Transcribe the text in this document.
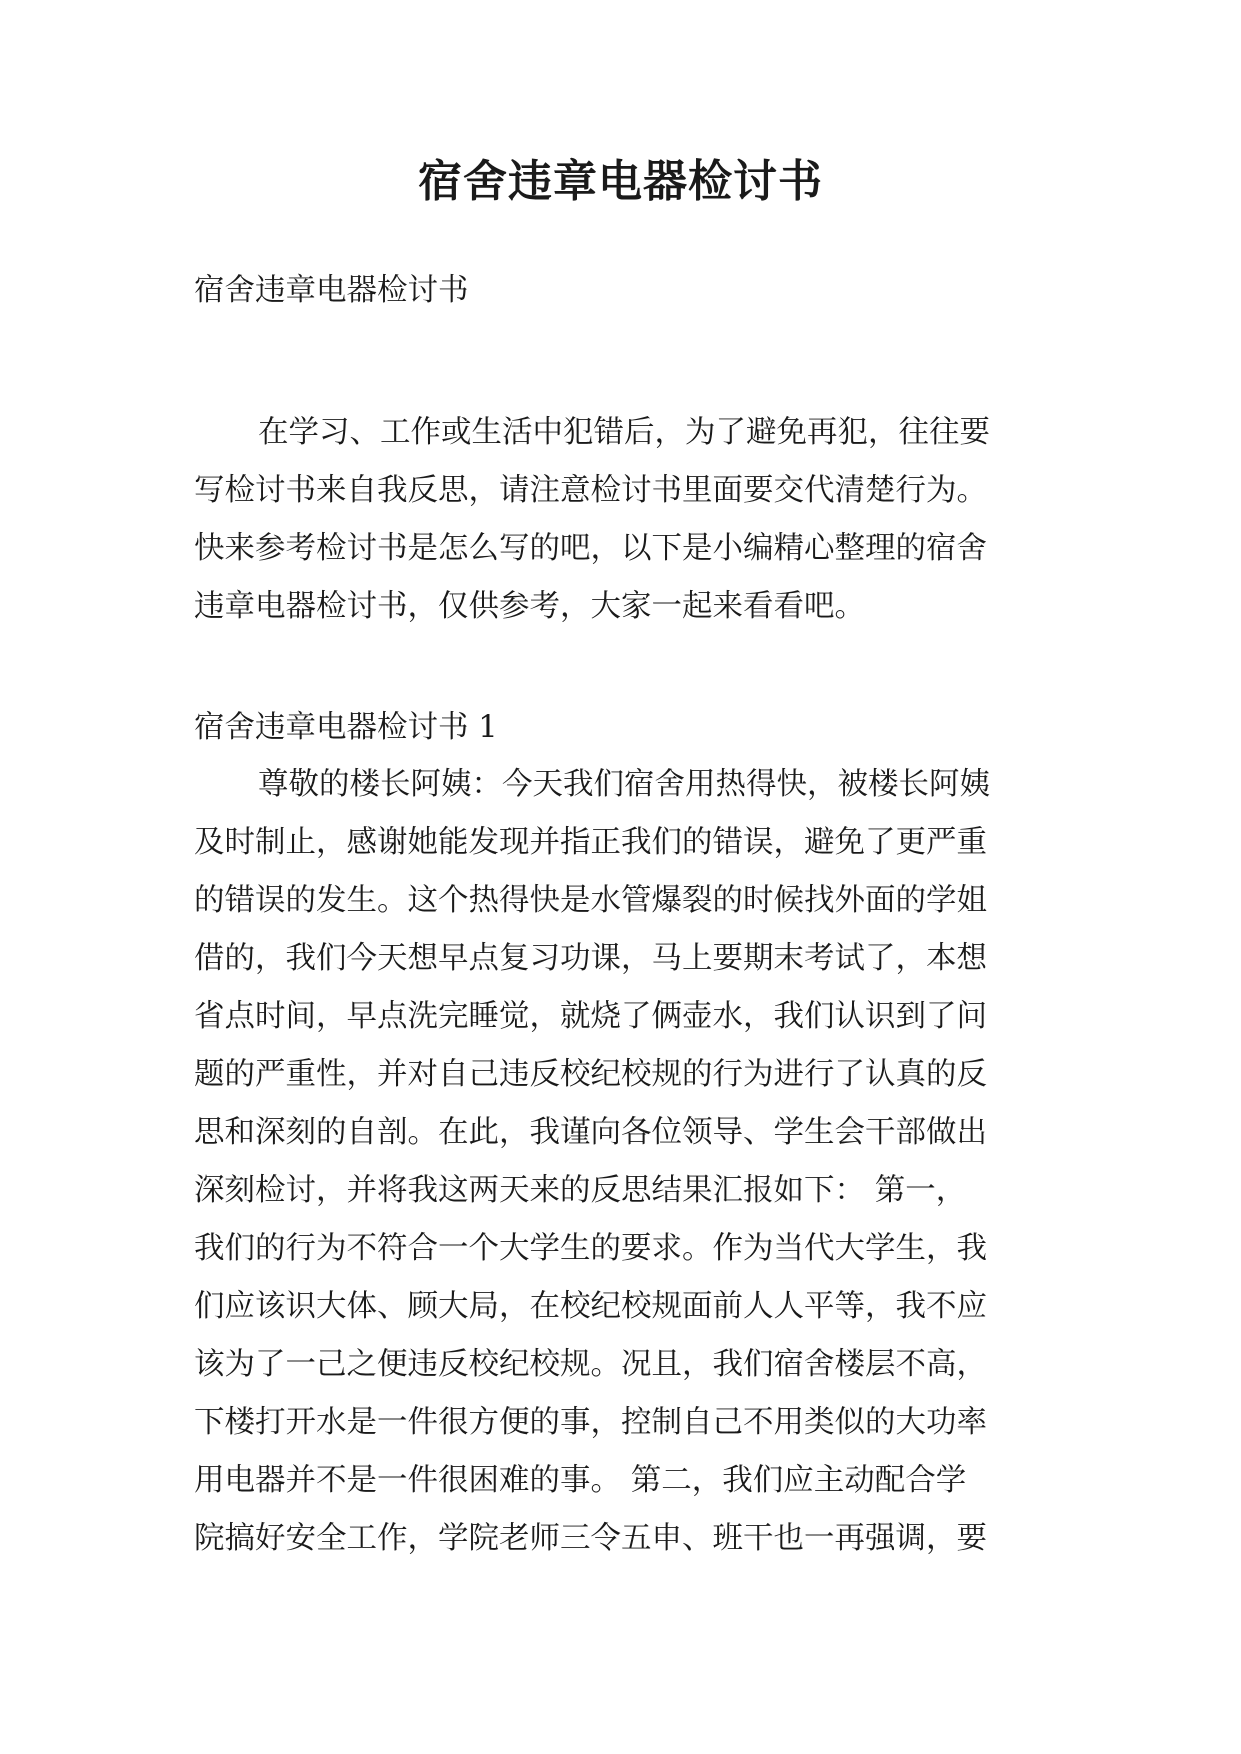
宿舍违章电器检讨书
宿舍违章电器检讨书
在学习、工作或生活中犯错后，为了避免再犯，往往要
写检讨书来自我反思，请注意检讨书里面要交代清楚行为。
快来参考检讨书是怎么写的吧，以下是小编精心整理的宿舍
违章电器检讨书，仅供参考，大家一起来看看吧。
宿舍违章电器检讨书 1
尊敬的楼长阿姨：今天我们宿舍用热得快，被楼长阿姨
及时制止，感谢她能发现并指正我们的错误，避免了更严重
的错误的发生。这个热得快是水管爆裂的时候找外面的学姐
借的，我们今天想早点复习功课，马上要期末考试了，本想
省点时间，早点洗完睡觉，就烧了俩壶水，我们认识到了问
题的严重性，并对自己违反校纪校规的行为进行了认真的反
思和深刻的自剖。在此，我谨向各位领导、学生会干部做出
深刻检讨，并将我这两天来的反思结果汇报如下： 第一，
我们的行为不符合一个大学生的要求。作为当代大学生，我
们应该识大体、顾大局，在校纪校规面前人人平等，我不应
该为了一己之便违反校纪校规。况且，我们宿舍楼层不高，
下楼打开水是一件很方便的事，控制自己不用类似的大功率
用电器并不是一件很困难的事。 第二，我们应主动配合学
院搞好安全工作，学院老师三令五申、班干也一再强调，要
